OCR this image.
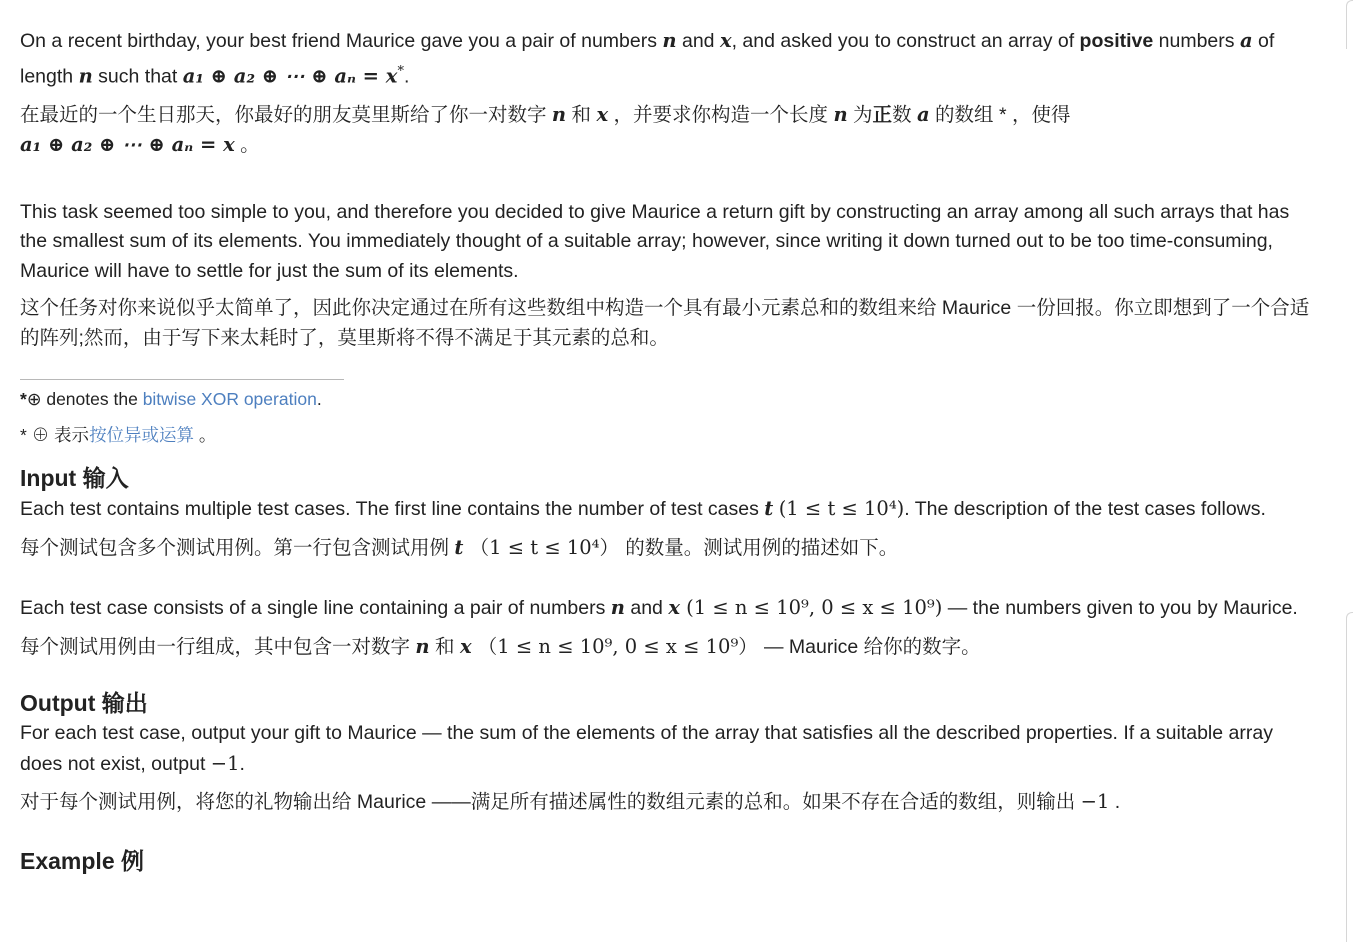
On a recent birthday, your best friend Maurice gave you a pair of numbers n and x, and asked you to construct an array of positive numbers a of length n such that a₁ ⊕ a₂ ⊕ ⋯ ⊕ aₙ = x*.

在最近的一个生日那天，你最好的朋友莫里斯给了你一对数字 n 和 x ，并要求你构造一个长度 n 为正数 a 的数组 * ，使得
a₁ ⊕ a₂ ⊕ ⋯ ⊕ aₙ = x 。

This task seemed too simple to you, and therefore you decided to give Maurice a return gift by constructing an array among all such arrays that has the smallest sum of its elements. You immediately thought of a suitable array; however, since writing it down turned out to be too time-consuming, Maurice will have to settle for just the sum of its elements.

这个任务对你来说似乎太简单了，因此你决定通过在所有这些数组中构造一个具有最小元素总和的数组来给 Maurice 一份回报。你立即想到了一个合适的阵列;然而，由于写下来太耗时了，莫里斯将不得不满足于其元素的总和。

*⊕ denotes the bitwise XOR operation.
* ⊕ 表示按位异或运算 。
Input 输入

Each test contains multiple test cases. The first line contains the number of test cases t (1 ≤ t ≤ 10⁴). The description of the test cases follows.

每个测试包含多个测试用例。第一行包含测试用例 t （1 ≤ t ≤ 10⁴） 的数量。测试用例的描述如下。

Each test case consists of a single line containing a pair of numbers n and x (1 ≤ n ≤ 10⁹, 0 ≤ x ≤ 10⁹) — the numbers given to you by Maurice.

每个测试用例由一行组成，其中包含一对数字 n 和 x （1 ≤ n ≤ 10⁹, 0 ≤ x ≤ 10⁹） — Maurice 给你的数字。

Output 输出

For each test case, output your gift to Maurice — the sum of the elements of the array that satisfies all the described properties. If a suitable array does not exist, output −1.

对于每个测试用例，将您的礼物输出给 Maurice ——满足所有描述属性的数组元素的总和。如果不存在合适的数组，则输出 −1 .

Example 例
